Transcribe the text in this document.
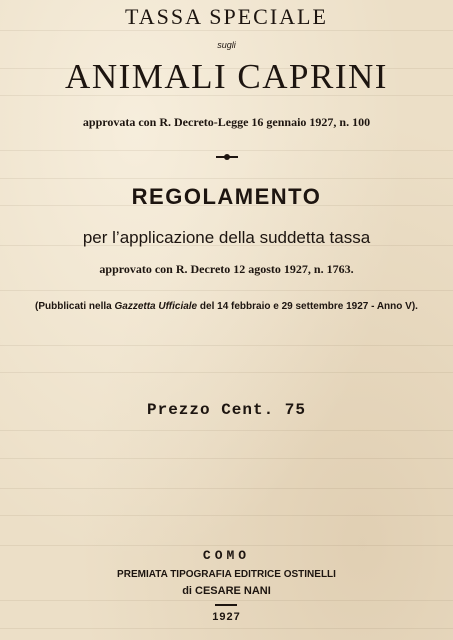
TASSA SPECIALE
sugli
ANIMALI CAPRINI
approvata con R. Decreto-Legge 16 gennaio 1927, n. 100
REGOLAMENTO
per l’applicazione della suddetta tassa
approvato con R. Decreto 12 agosto 1927, n. 1763.
(Pubblicati nella Gazzetta Ufficiale del 14 febbraio e 29 settembre 1927 - Anno V).
Prezzo Cent. 75
COMO
PREMIATA TIPOGRAFIA EDITRICE OSTINELLI
di CESARE NANI
1927
